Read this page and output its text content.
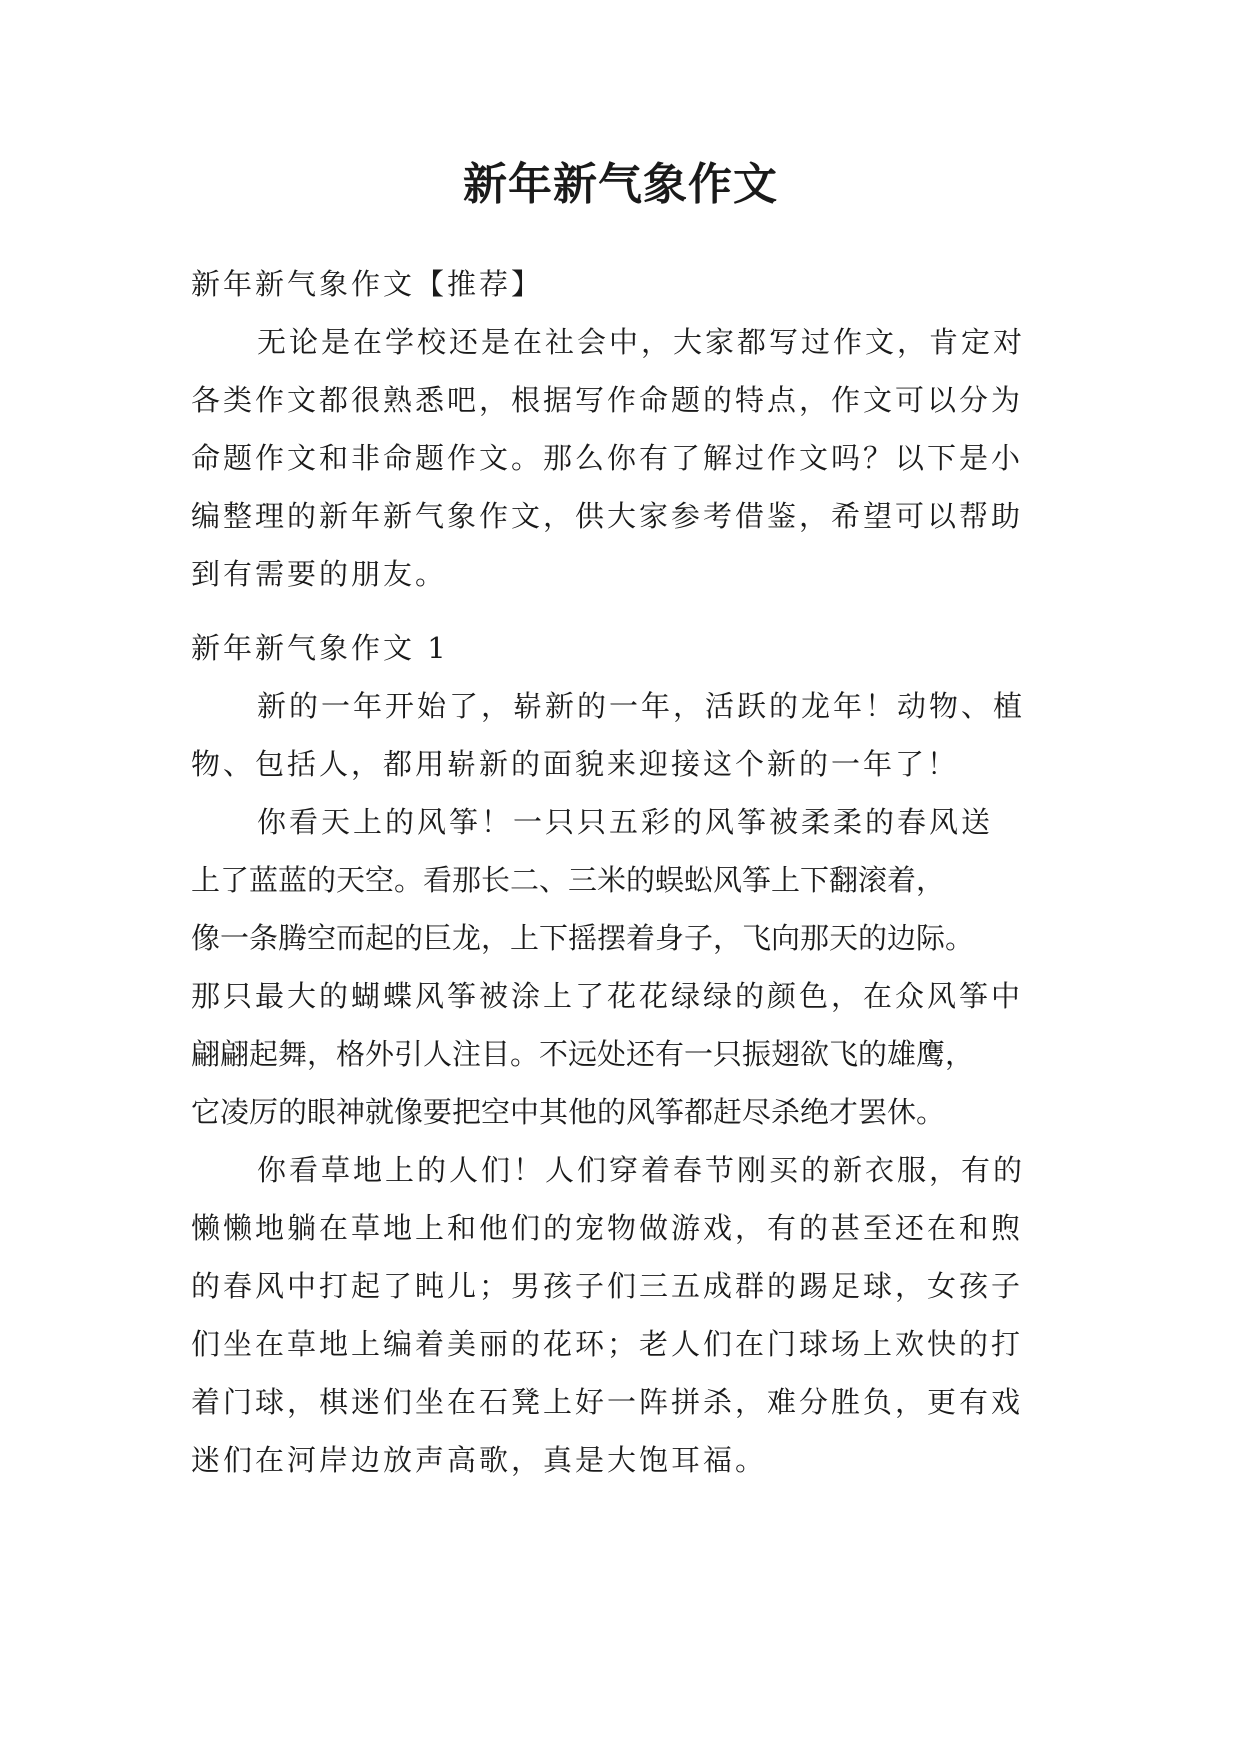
新年新气象作文
新年新气象作文【推荐】
无论是在学校还是在社会中，大家都写过作文，肯定对
各类作文都很熟悉吧，根据写作命题的特点，作文可以分为
命题作文和非命题作文。那么你有了解过作文吗？以下是小
编整理的新年新气象作文，供大家参考借鉴，希望可以帮助
到有需要的朋友。
新年新气象作文 1
新的一年开始了，崭新的一年，活跃的龙年！动物、植
物、包括人，都用崭新的面貌来迎接这个新的一年了！
你看天上的风筝！一只只五彩的风筝被柔柔的春风送
上了蓝蓝的天空。看那长二、三米的蜈蚣风筝上下翻滚着，
像一条腾空而起的巨龙，上下摇摆着身子，飞向那天的边际。
那只最大的蝴蝶风筝被涂上了花花绿绿的颜色，在众风筝中
翩翩起舞，格外引人注目。不远处还有一只振翅欲飞的雄鹰，
它凌厉的眼神就像要把空中其他的风筝都赶尽杀绝才罢休。
你看草地上的人们！人们穿着春节刚买的新衣服，有的
懒懒地躺在草地上和他们的宠物做游戏，有的甚至还在和煦
的春风中打起了盹儿；男孩子们三五成群的踢足球，女孩子
们坐在草地上编着美丽的花环；老人们在门球场上欢快的打
着门球，棋迷们坐在石凳上好一阵拼杀，难分胜负，更有戏
迷们在河岸边放声高歌，真是大饱耳福。
